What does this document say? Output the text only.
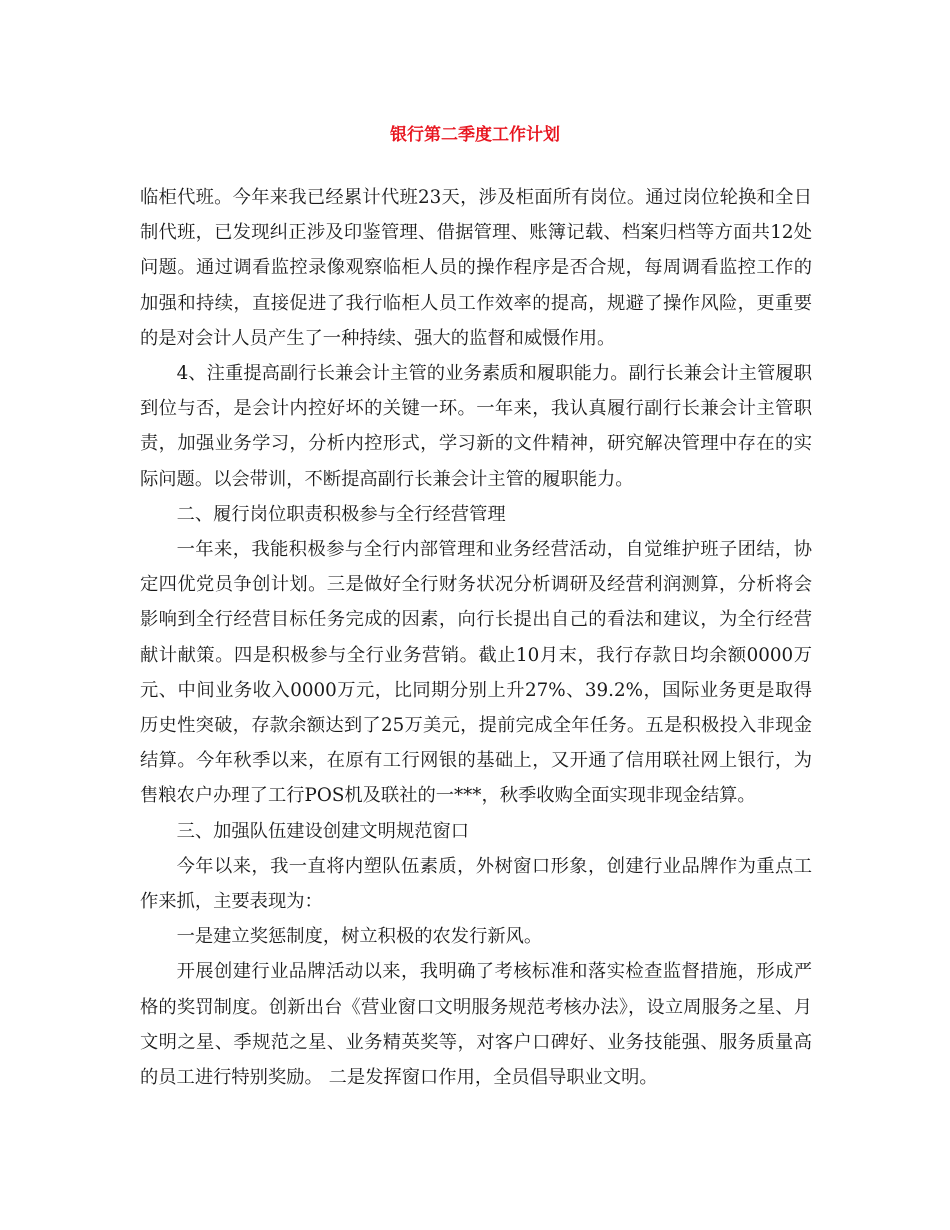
银行第二季度工作计划

临柜代班。今年来我已经累计代班23天，涉及柜面所有岗位。通过岗位轮换和全日制代班，已发现纠正涉及印鉴管理、借据管理、账簿记载、档案归档等方面共12处问题。通过调看监控录像观察临柜人员的操作程序是否合规，每周调看监控工作的加强和持续，直接促进了我行临柜人员工作效率的提高，规避了操作风险，更重要的是对会计人员产生了一种持续、强大的监督和威慑作用。

4、注重提高副行长兼会计主管的业务素质和履职能力。副行长兼会计主管履职到位与否，是会计内控好坏的关键一环。一年来，我认真履行副行长兼会计主管职责，加强业务学习，分析内控形式，学习新的文件精神，研究解决管理中存在的实际问题。以会带训，不断提高副行长兼会计主管的履职能力。

二、履行岗位职责积极参与全行经营管理

一年来，我能积极参与全行内部管理和业务经营活动，自觉维护班子团结，协定四优党员争创计划。三是做好全行财务状况分析调研及经营利润测算，分析将会影响到全行经营目标任务完成的因素，向行长提出自己的看法和建议，为全行经营献计献策。四是积极参与全行业务营销。截止10月末，我行存款日均余额0000万元、中间业务收入0000万元，比同期分别上升27%、39.2%，国际业务更是取得历史性突破，存款余额达到了25万美元，提前完成全年任务。五是积极投入非现金结算。今年秋季以来，在原有工行网银的基础上，又开通了信用联社网上银行，为售粮农户办理了工行POS机及联社的一***，秋季收购全面实现非现金结算。

三、加强队伍建设创建文明规范窗口

今年以来，我一直将内塑队伍素质，外树窗口形象，创建行业品牌作为重点工作来抓，主要表现为：

一是建立奖惩制度，树立积极的农发行新风。

开展创建行业品牌活动以来，我明确了考核标准和落实检查监督措施，形成严格的奖罚制度。创新出台《营业窗口文明服务规范考核办法》，设立周服务之星、月文明之星、季规范之星、业务精英奖等，对客户口碑好、业务技能强、服务质量高的员工进行特别奖励。 二是发挥窗口作用，全员倡导职业文明。
